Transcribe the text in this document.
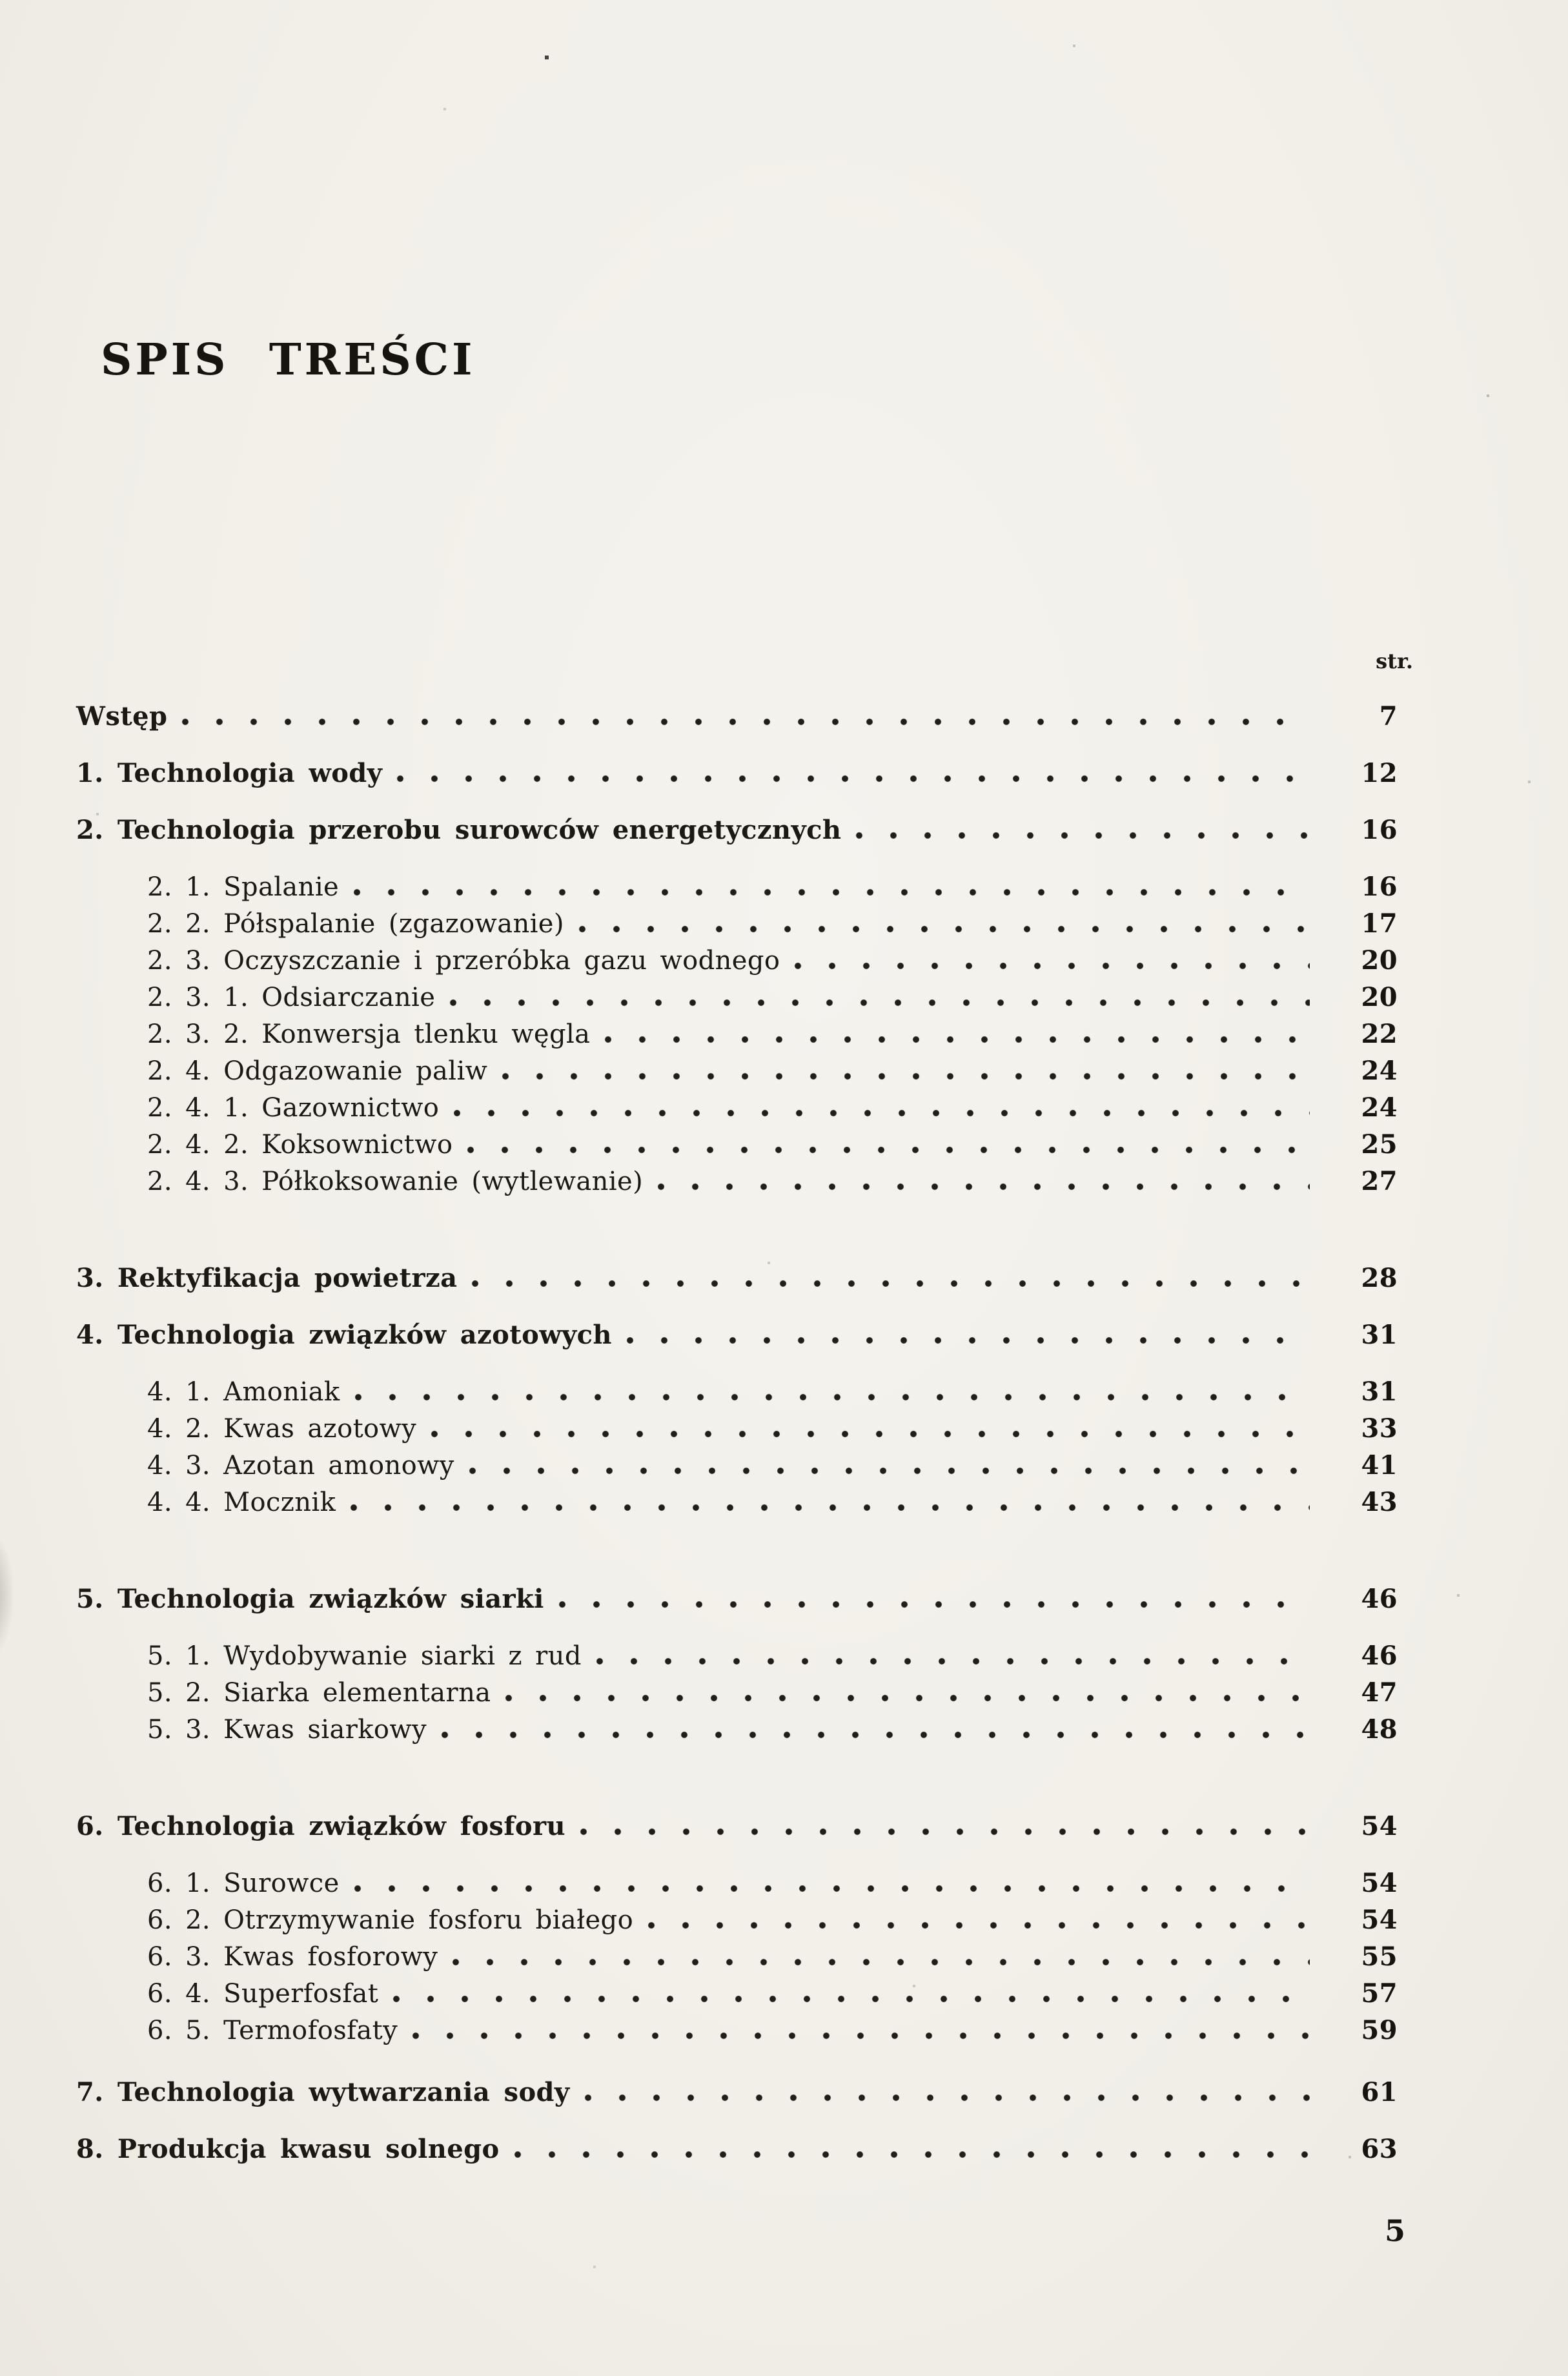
SPIS TREŚCI
str.
Wstęp	7
1. Technologia wody	12
2. Technologia przerobu surowców energetycznych	16
2. 1. Spalanie	16
2. 2. Półspalanie (zgazowanie)	17
2. 3. Oczyszczanie i przeróbka gazu wodnego	20
2. 3. 1. Odsiarczanie	20
2. 3. 2. Konwersja tlenku węgla	22
2. 4. Odgazowanie paliw	24
2. 4. 1. Gazownictwo	24
2. 4. 2. Koksownictwo	25
2. 4. 3. Półkoksowanie (wytlewanie)	27
3. Rektyfikacja powietrza	28
4. Technologia związków azotowych	31
4. 1. Amoniak	31
4. 2. Kwas azotowy	33
4. 3. Azotan amonowy	41
4. 4. Mocznik	43
5. Technologia związków siarki	46
5. 1. Wydobywanie siarki z rud	46
5. 2. Siarka elementarna	47
5. 3. Kwas siarkowy	48
6. Technologia związków fosforu	54
6. 1. Surowce	54
6. 2. Otrzymywanie fosforu białego	54
6. 3. Kwas fosforowy	55
6. 4. Superfosfat	57
6. 5. Termofosfaty	59
7. Technologia wytwarzania sody	61
8. Produkcja kwasu solnego	63
5
